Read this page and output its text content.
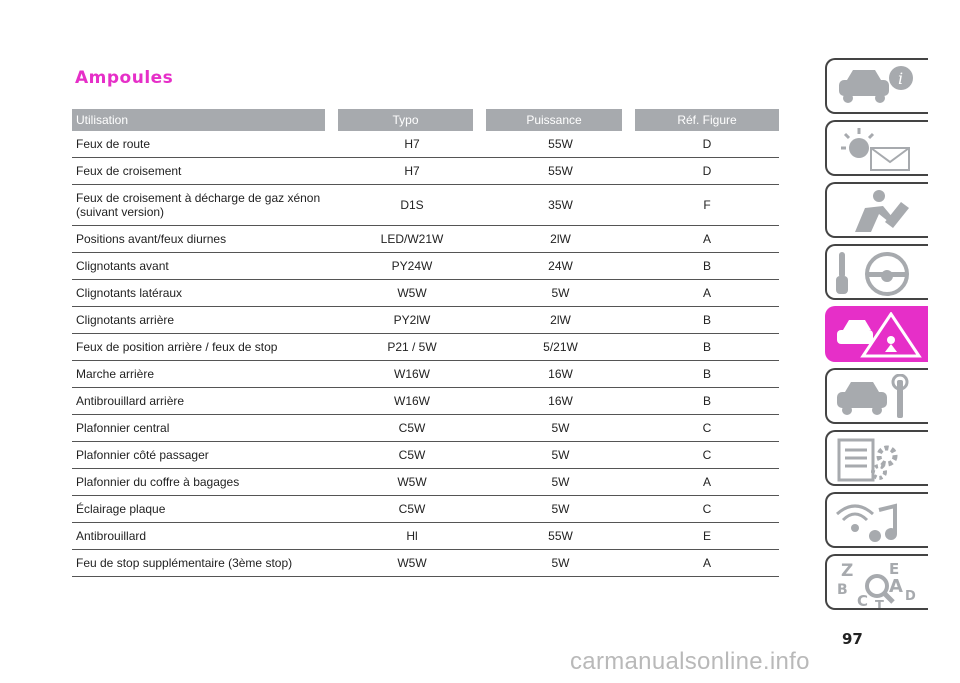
Ampoules
Utilisation	Typo	Puissance	Réf. Figure
Feux de route	H7	55W	D
Feux de croisement	H7	55W	D
Feux de croisement à décharge de gaz xénon
(suivant version)	D1S	35W	F
Positions avant/feux diurnes	LED/W21W	2lW	A
Clignotants avant	PY24W	24W	B
Clignotants latéraux	W5W	5W	A
Clignotants arrière	PY2lW	2lW	B
Feux de position arrière / feux de stop	P21 / 5W	5/21W	B
Marche arrière	W16W	16W	B
Antibrouillard arrière	W16W	16W	B
Plafonnier central	C5W	5W	C
Plafonnier côté passager	C5W	5W	C
Plafonnier du coffre à bagages	W5W	5W	A
Éclairage plaque	C5W	5W	C
Antibrouillard	Hl	55W	E
Feu de stop supplémentaire (3ème stop)	W5W	5W	A
i
Z E
A
B
C T
D
97
carmanualsonline.info
